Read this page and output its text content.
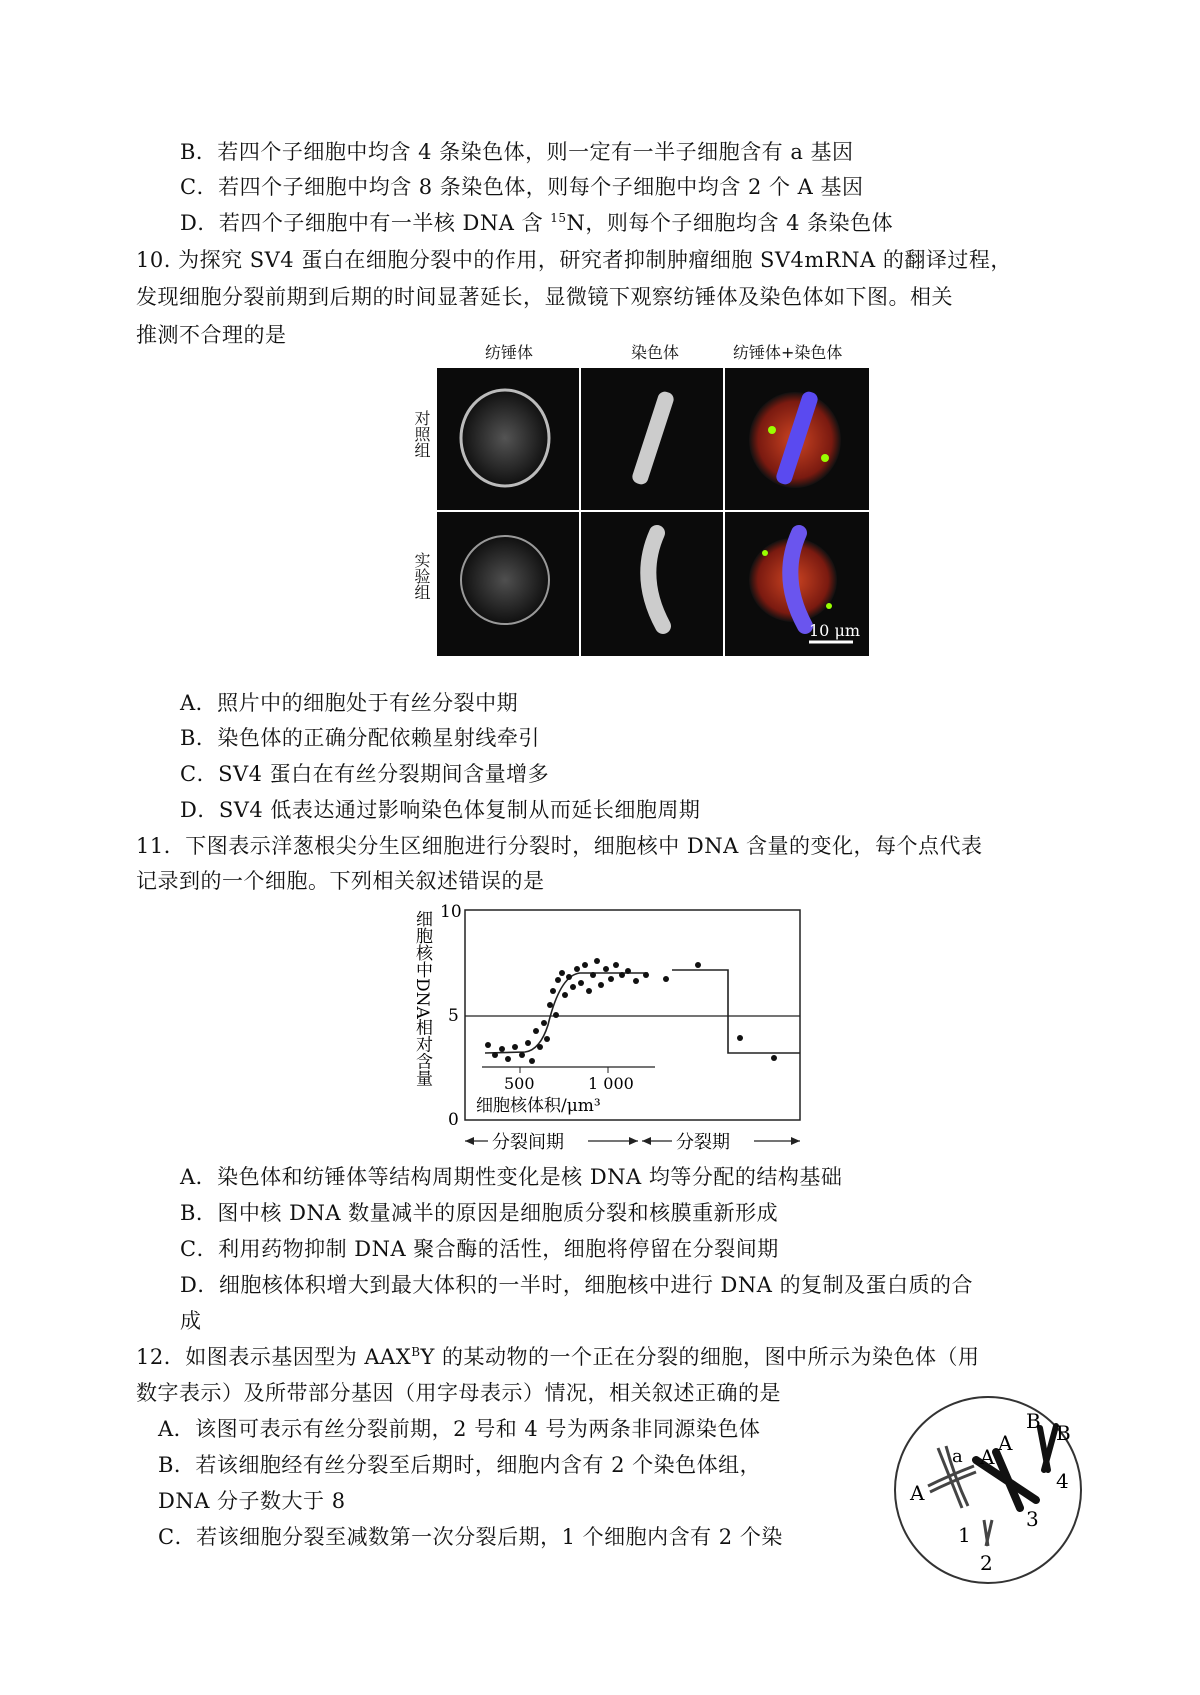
B．若四个子细胞中均含 4 条染色体，则一定有一半子细胞含有 a 基因
C．若四个子细胞中均含 8 条染色体，则每个子细胞中均含 2 个 A 基因
D．若四个子细胞中有一半核 DNA 含 $^{15}$N，则每个子细胞均含 4 条染色体
10. 为探究 SV4 蛋白在细胞分裂中的作用，研究者抑制肿瘤细胞 SV4mRNA 的翻译过程，
发现细胞分裂前期到后期的时间显著延长，显微镜下观察纺锤体及染色体如下图。相关
推测不合理的是
纺锤体	染色体	纺锤体+染色体
对照组
实验组
10 μm
A．照片中的细胞处于有丝分裂中期
B．染色体的正确分配依赖星射线牵引
C．SV4 蛋白在有丝分裂期间含量增多
D．SV4 低表达通过影响染色体复制从而延长细胞周期
11．下图表示洋葱根尖分生区细胞进行分裂时，细胞核中 DNA 含量的变化，每个点代表
记录到的一个细胞。下列相关叙述错误的是
细胞核中DNA相对含量 10
5
0
500	1 000
细胞核体积/μm³
分裂间期	分裂期
A．染色体和纺锤体等结构周期性变化是核 DNA 均等分配的结构基础
B．图中核 DNA 数量减半的原因是细胞质分裂和核膜重新形成
C．利用药物抑制 DNA 聚合酶的活性，细胞将停留在分裂间期
D．细胞核体积增大到最大体积的一半时，细胞核中进行 DNA 的复制及蛋白质的合
成
12．如图表示基因型为 $AAX^BY$ 的某动物的一个正在分裂的细胞，图中所示为染色体（用
数字表示）及所带部分基因（用字母表示）情况，相关叙述正确的是
A．该图可表示有丝分裂前期，2 号和 4 号为两条非同源染色体
B．若该细胞经有丝分裂至后期时，细胞内含有 2 个染色体组，
DNA 分子数大于 8
C．若该细胞分裂至减数第一次分裂后期，1 个细胞内含有 2 个染
A
a A
A
B B
1
2
3
4
